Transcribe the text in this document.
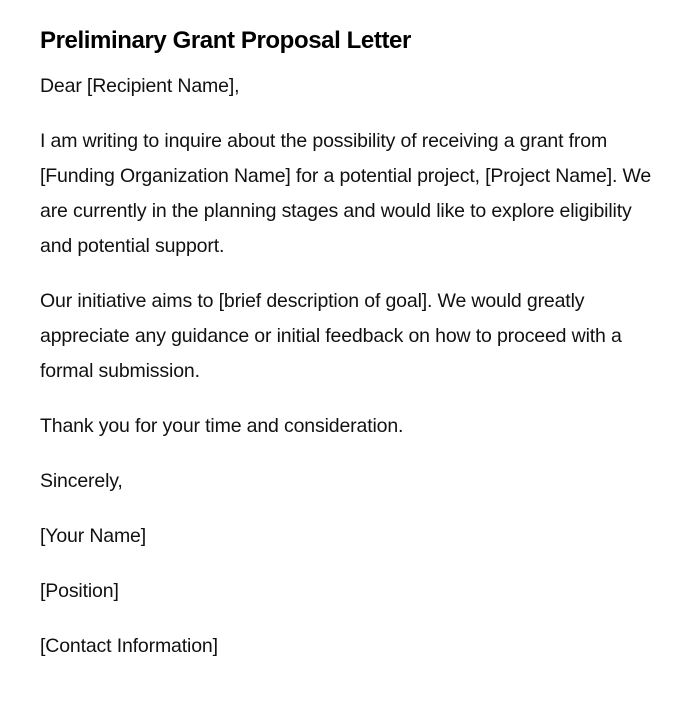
Preliminary Grant Proposal Letter

Dear [Recipient Name],

I am writing to inquire about the possibility of receiving a grant from [Funding Organization Name] for a potential project, [Project Name]. We are currently in the planning stages and would like to explore eligibility and potential support.

Our initiative aims to [brief description of goal]. We would greatly appreciate any guidance or initial feedback on how to proceed with a formal submission.

Thank you for your time and consideration.

Sincerely,

[Your Name]

[Position]

[Contact Information]
